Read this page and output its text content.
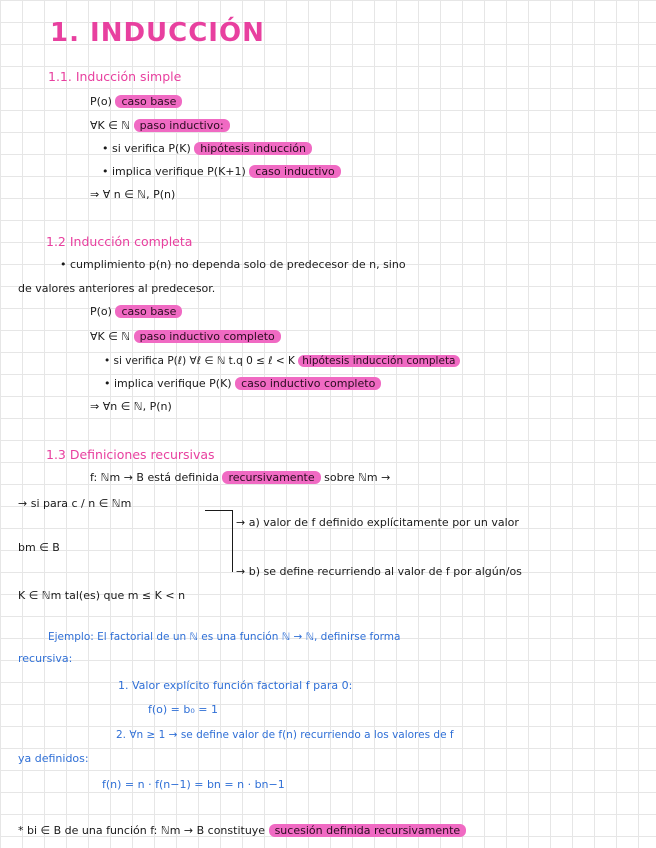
1. INDUCCIÓN
1.1. Inducción simple
P(o) caso base
∀K ∈ ℕ paso inductivo:
• si verifica P(K) hipótesis inducción
• implica verifique P(K+1) caso inductivo
⇒ ∀ n ∈ ℕ, P(n)
1.2 Inducción completa
• cumplimiento p(n) no dependa solo de predecesor de n, sino
de valores anteriores al predecesor.
P(o) caso base
∀K ∈ ℕ paso inductivo completo
• si verifica P(ℓ) ∀ℓ ∈ ℕ t.q 0 ≤ ℓ < K hipótesis inducción completa
• implica verifique P(K) caso inductivo completo
⇒ ∀n ∈ ℕ, P(n)
1.3 Definiciones recursivas
f: ℕm → B está definida recursivamente sobre ℕm →
→ si para c / n ∈ ℕm
→ a) valor de f definido explícitamente por un valor
bm ∈ B
→ b) se define recurriendo al valor de f por algún/os
K ∈ ℕm tal(es) que m ≤ K < n
Ejemplo: El factorial de un ℕ es una función ℕ → ℕ, definirse forma
recursiva:
1. Valor explícito función factorial f para 0:
f(o) = b₀ = 1
2. ∀n ≥ 1 → se define valor de f(n) recurriendo a los valores de f
ya definidos:
f(n) = n · f(n−1) = bn = n · bn−1
* bi ∈ B de una función f: ℕm → B constituye sucesión definida recursivamente
